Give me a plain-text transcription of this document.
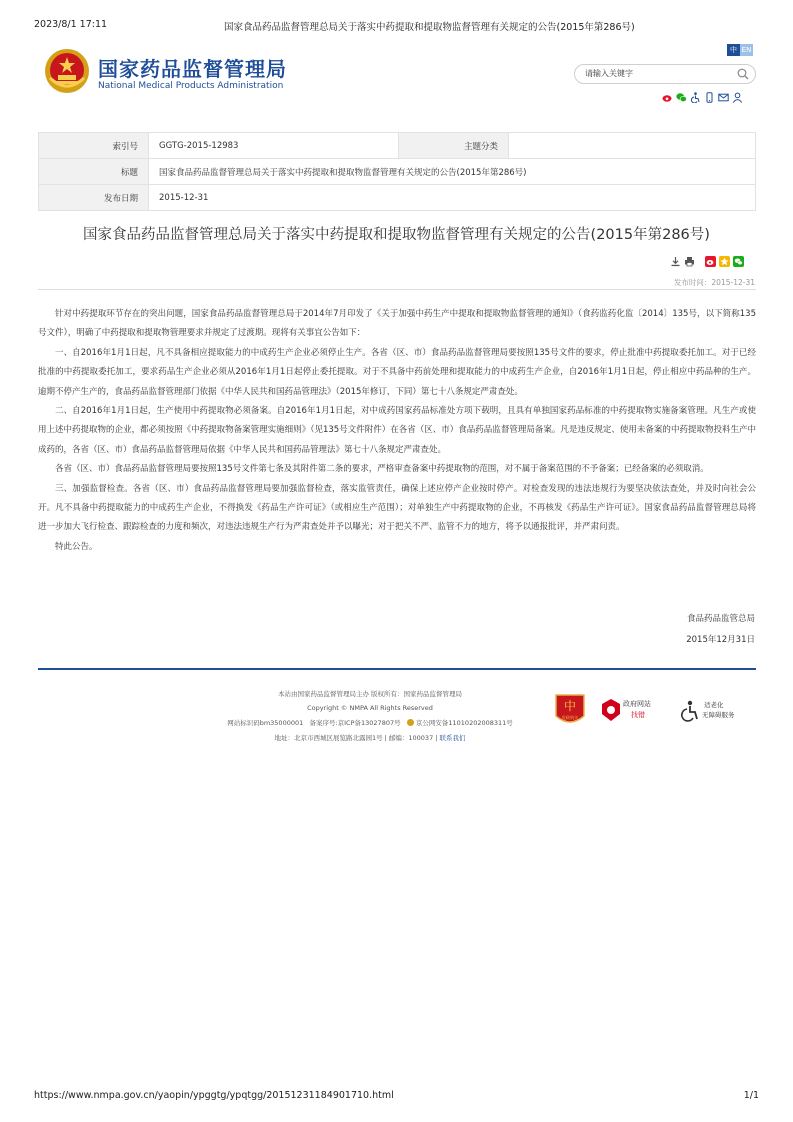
2023/8/1 17:11	国家食品药品监督管理总局关于落实中药提取和提取物监督管理有关规定的公告(2015年第286号)
国家药品监督管理局
National Medical Products Administration
中 EN
请输入关键字
索引号	GGTG-2015-12983	主题分类	
标题	国家食品药品监督管理总局关于落实中药提取和提取物监督管理有关规定的公告(2015年第286号)		
发布日期	2015-12-31		
国家食品药品监督管理总局关于落实中药提取和提取物监督管理有关规定的公告(2015年第286号)
发布时间：2015-12-31

针对中药提取环节存在的突出问题，国家食品药品监督管理总局于2014年7月印发了《关于加强中药生产中提取和提取物监督管理的通知》（食药监药化监〔2014〕135号，以下简称135号文件），明确了中药提取和提取物管理要求并规定了过渡期。现将有关事宜公告如下：

一、自2016年1月1日起，凡不具备相应提取能力的中成药生产企业必须停止生产。各省（区、市）食品药品监督管理局要按照135号文件的要求，停止批准中药提取委托加工。对于已经批准的中药提取委托加工，要求药品生产企业必须从2016年1月1日起停止委托提取。对于不具备中药前处理和提取能力的中成药生产企业，自2016年1月1日起，停止相应中药品种的生产。逾期不停产生产的，食品药品监督管理部门依据《中华人民共和国药品管理法》（2015年修订，下同）第七十八条规定严肃查处。

二、自2016年1月1日起，生产使用中药提取物必须备案。自2016年1月1日起，对中成药国家药品标准处方项下载明，且具有单独国家药品标准的中药提取物实施备案管理。凡生产或使用上述中药提取物的企业，都必须按照《中药提取物备案管理实施细则》（见135号文件附件）在各省（区、市）食品药品监督管理局备案。凡是违反规定、使用未备案的中药提取物投料生产中成药的，各省（区、市）食品药品监督管理局依据《中华人民共和国药品管理法》第七十八条规定严肃查处。

各省（区、市）食品药品监督管理局要按照135号文件第七条及其附件第二条的要求，严格审查备案中药提取物的范围，对不属于备案范围的不予备案；已经备案的必须取消。

三、加强监督检查。各省（区、市）食品药品监督管理局要加强监督检查，落实监管责任，确保上述应停产企业按时停产。对检查发现的违法违规行为要坚决依法查处，并及时向社会公开。凡不具备中药提取能力的中成药生产企业，不得换发《药品生产许可证》（或相应生产范围）；对单独生产中药提取物的企业，不再核发《药品生产许可证》。国家食品药品监督管理总局将进一步加大飞行检查、跟踪检查的力度和频次，对违法违规生产行为严肃查处并予以曝光；对于把关不严、监管不力的地方，将予以通报批评，并严肃问责。

特此公告。

食品药品监管总局
2015年12月31日
本站由国家药品监督管理局主办 版权所有：国家药品监督管理局
Copyright © NMPA All Rights Reserved
网站标识码bm35000001 备案序号:京ICP备13027807号 京公网安备11010202008311号
地址：北京市西城区展览路北露园1号 | 邮编：100037 | 联系我们
中
党政机关
政府网站
找错
适老化
无障碍服务
https://www.nmpa.gov.cn/yaopin/ypggtg/ypqtgg/20151231184901710.html	1/1
